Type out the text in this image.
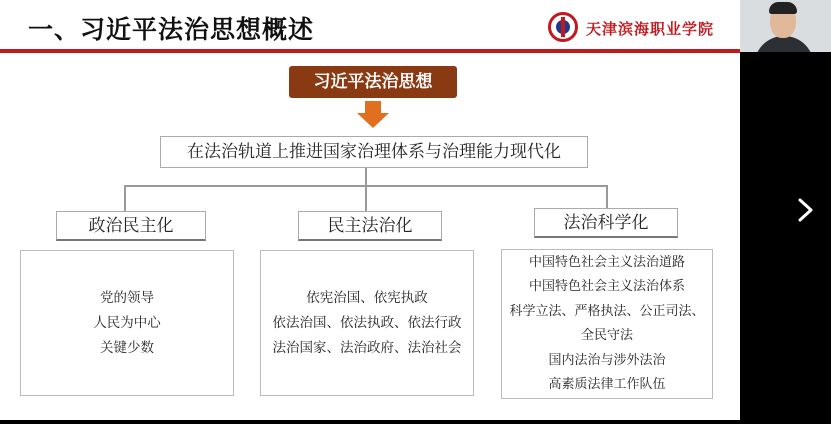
一、习近平法治思想概述	天津滨海职业学院
习近平法治思想
在法治轨道上推进国家治理体系与治理能力现代化
政治民主化	民主法治化	法治科学化
党的领导
人民为中心
关键少数
依宪治国、依宪执政
依法治国、依法执政、依法行政
法治国家、法治政府、法治社会
中国特色社会主义法治道路
中国特色社会主义法治体系
科学立法、严格执法、公正司法、
全民守法
国内法治与涉外法治
高素质法律工作队伍
